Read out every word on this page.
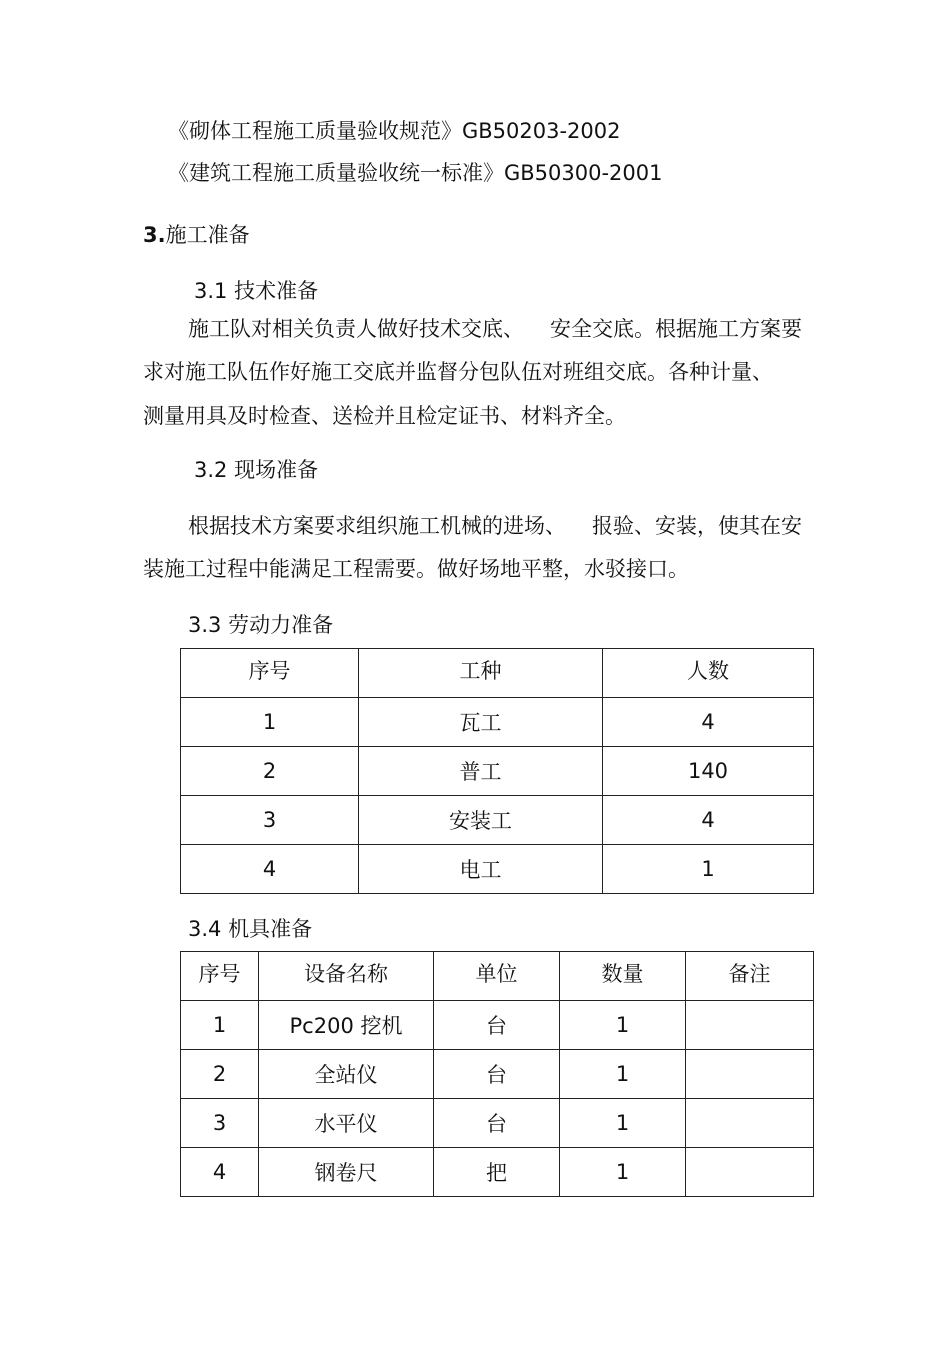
《砌体工程施工质量验收规范》GB50203-2002
《建筑工程施工质量验收统一标准》GB50300-2001
3.施工准备
3.1 技术准备
施工队对相关负责人做好技术交底、 安全交底。根据施工方案要
求对施工队伍作好施工交底并监督分包队伍对班组交底。各种计量、
测量用具及时检查、送检并且检定证书、材料齐全。
3.2 现场准备
根据技术方案要求组织施工机械的进场、 报验、安装，使其在安
装施工过程中能满足工程需要。做好场地平整，水驳接口。
3.3 劳动力准备
序号	工种	人数
1	瓦工	4
2	普工	140
3	安装工	4
4	电工	1
3.4 机具准备
序号	设备名称	单位	数量	备注
1	Pc200 挖机	台	1	
2	全站仪	台	1	
3	水平仪	台	1	
4	钢卷尺	把	1	
